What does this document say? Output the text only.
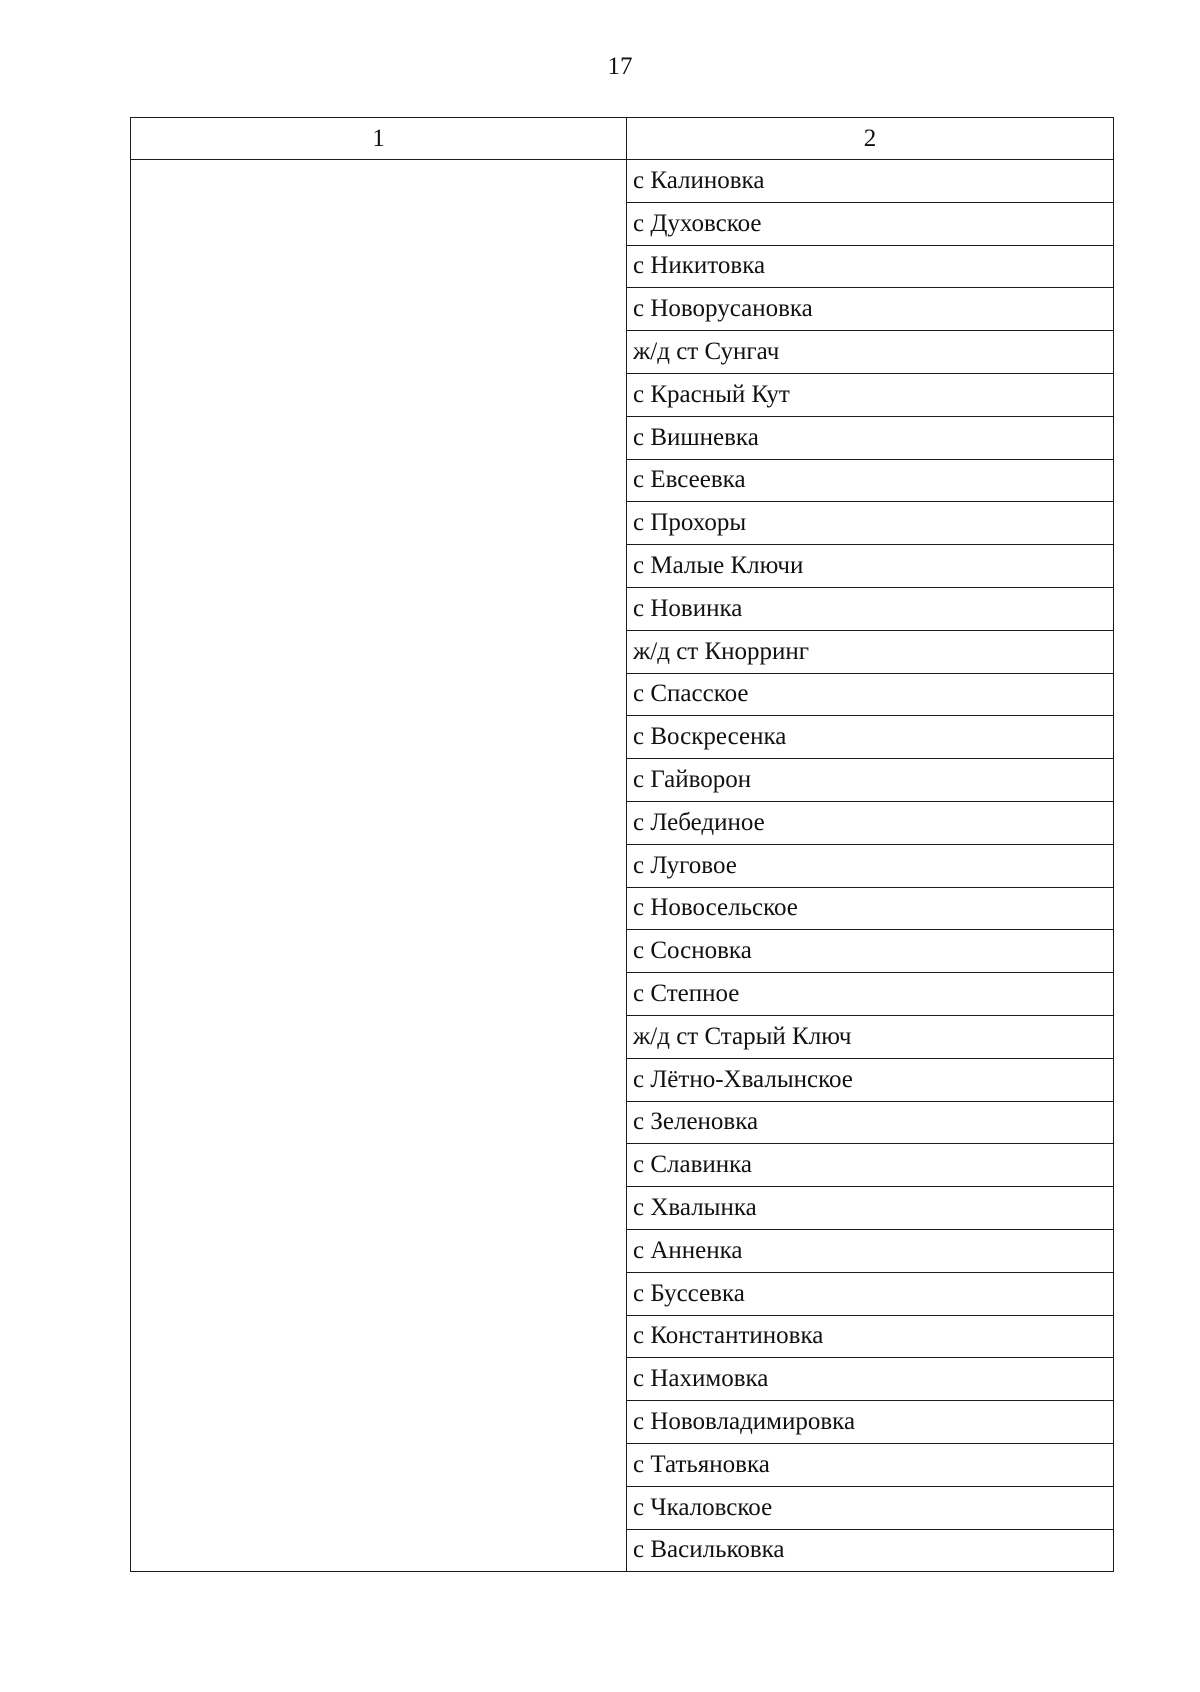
17
1	2
	с Калиновка
	с Духовское
	с Никитовка
	с Новорусановка
	ж/д ст Сунгач
	с Красный Кут
	с Вишневка
	с Евсеевка
	с Прохоры
	с Малые Ключи
	с Новинка
	ж/д ст Кнорринг
	с Спасское
	с Воскресенка
	с Гайворон
	с Лебединое
	с Луговое
	с Новосельское
	с Сосновка
	с Степное
	ж/д ст Старый Ключ
	с Лётно-Хвалынское
	с Зеленовка
	с Славинка
	с Хвалынка
	с Анненка
	с Буссевка
	с Константиновка
	с Нахимовка
	с Нововладимировка
	с Татьяновка
	с Чкаловское
	с Васильковка
